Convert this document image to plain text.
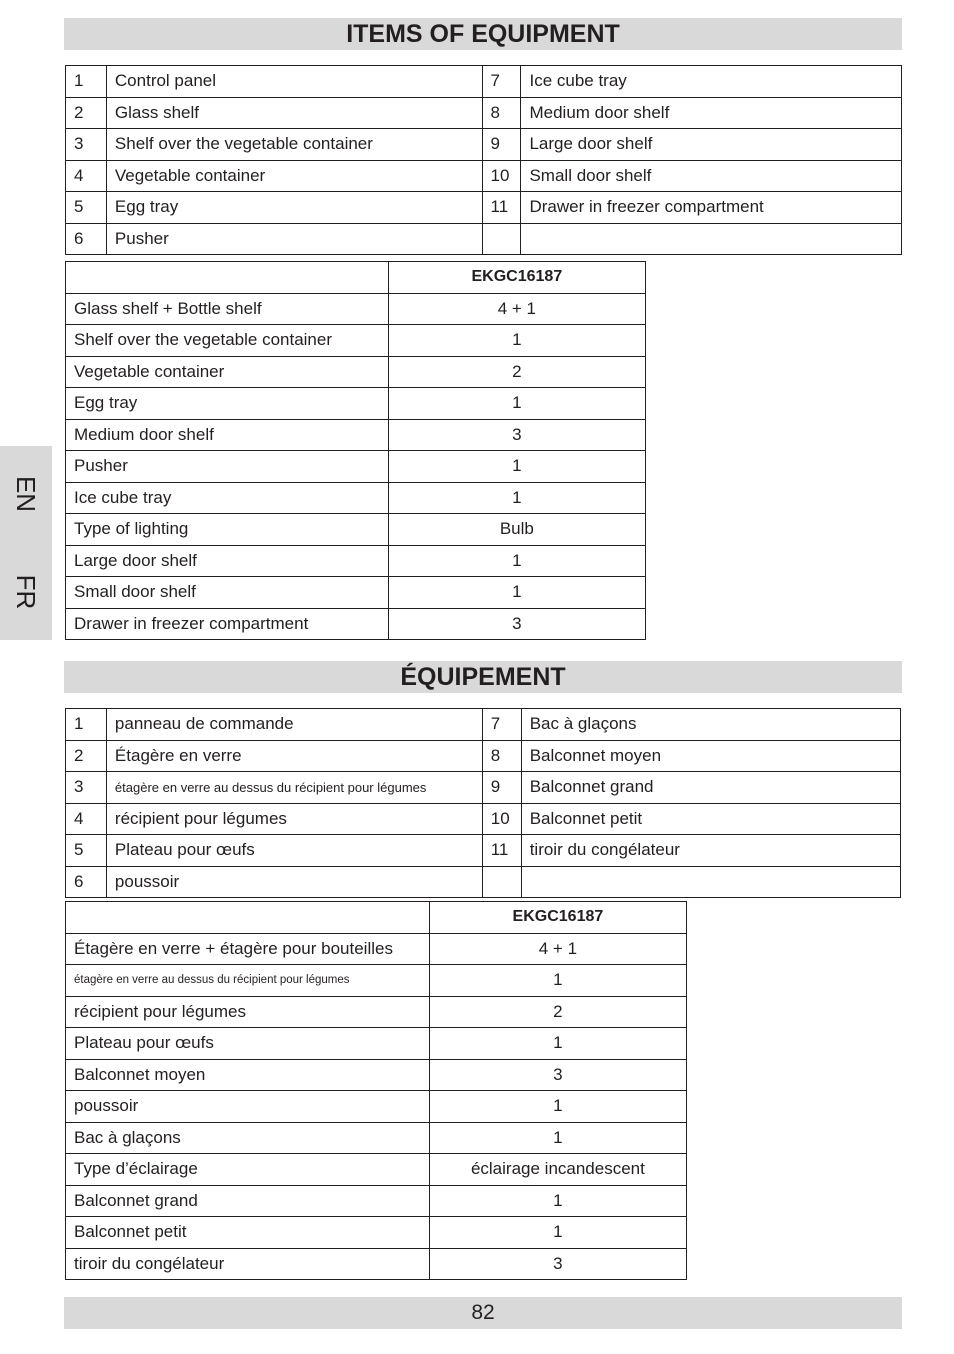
ITEMS OF EQUIPMENT
1	Control panel	7	Ice cube tray
2	Glass shelf	8	Medium door shelf
3	Shelf over the vegetable container	9	Large door shelf
4	Vegetable container	10	Small door shelf
5	Egg tray	11	Drawer in freezer compartment
6	Pusher		
	EKGC16187
Glass shelf + Bottle shelf	4 + 1
Shelf over the vegetable container	1
Vegetable container	2
Egg tray	1
Medium door shelf	3
Pusher	1
Ice cube tray	1
Type of lighting	Bulb
Large door shelf	1
Small door shelf	1
Drawer in freezer compartment	3
EN
FR
ÉQUIPEMENT
1	panneau de commande	7	Bac à glaçons
2	Étagère en verre	8	Balconnet moyen
3	étagère en verre au dessus du récipient pour légumes	9	Balconnet grand
4	récipient pour légumes	10	Balconnet petit
5	Plateau pour œufs	11	tiroir du congélateur
6	poussoir		
	EKGC16187
Étagère en verre + étagère pour bouteilles	4 + 1
étagère en verre au dessus du récipient pour légumes	1
récipient pour légumes	2
Plateau pour œufs	1
Balconnet moyen	3
poussoir	1
Bac à glaçons	1
Type d’éclairage	éclairage incandescent
Balconnet grand	1
Balconnet petit	1
tiroir du congélateur	3
82
